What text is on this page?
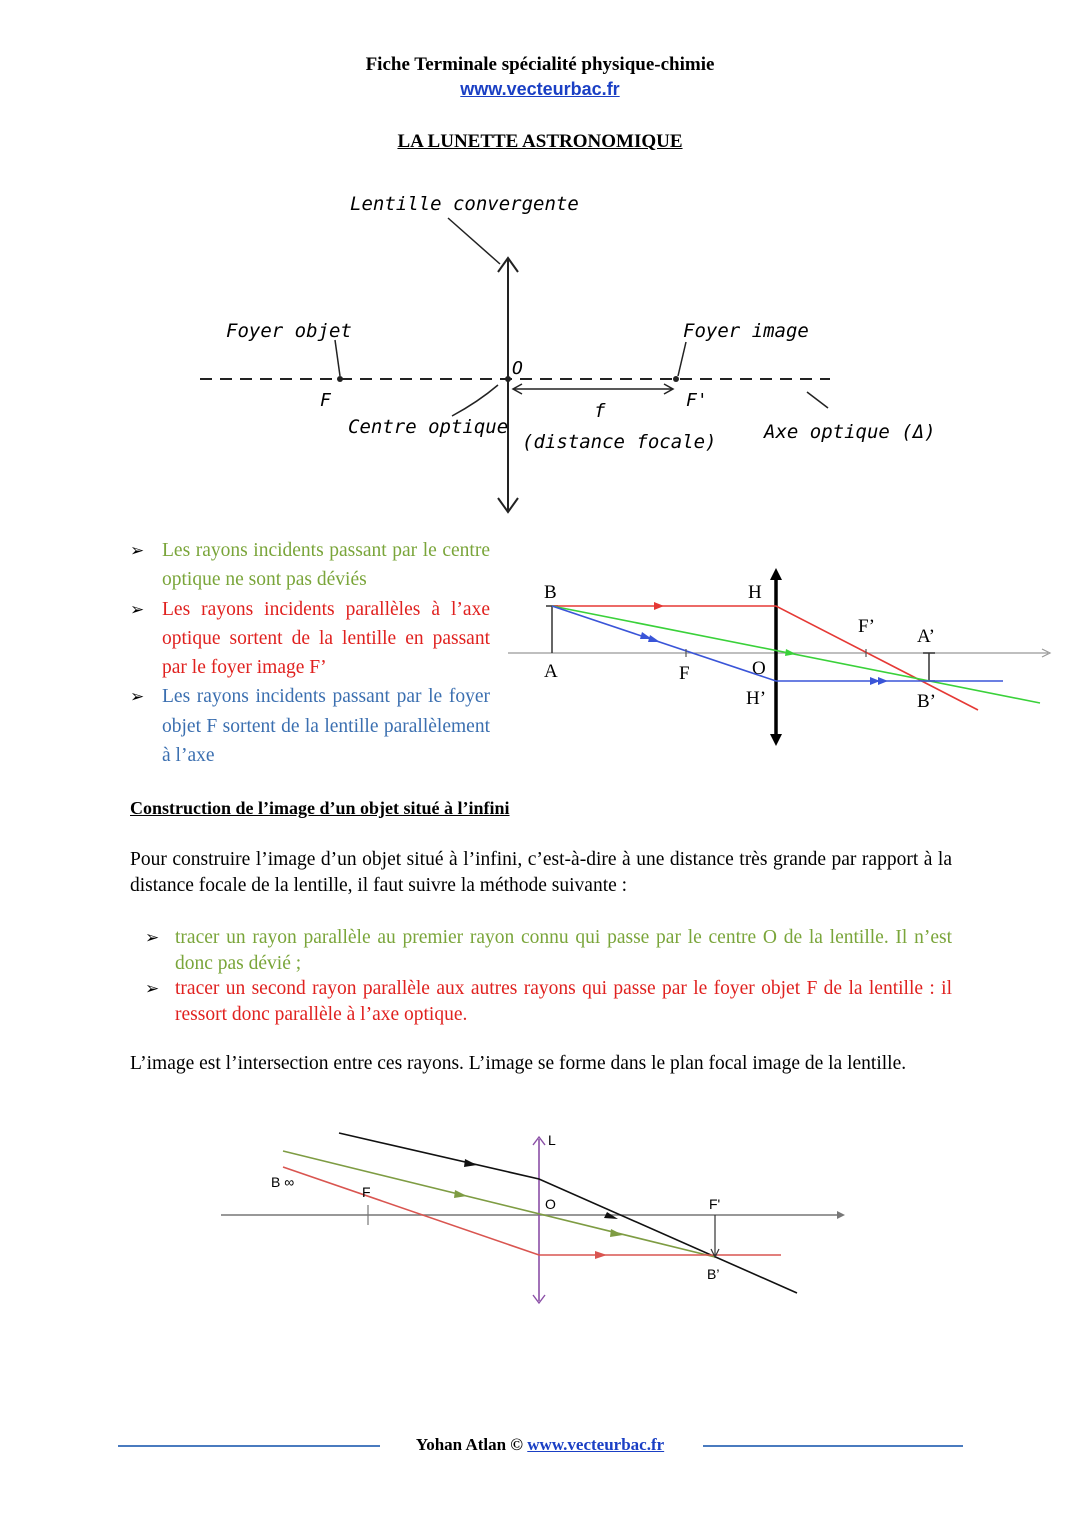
Fiche Terminale spécialité physique-chimie
www.vecteurbac.fr
LA LUNETTE ASTRONOMIQUE
Lentille convergente
Foyer objet	Foyer image
O
F	F'
Centre optique
f
(distance focale)	Axe optique (Δ)
➢ Les rayons incidents passant par le centre optique ne sont pas déviés
➢ Les rayons incidents parallèles à l’axe optique sortent de la lentille en passant par le foyer image F’
➢ Les rayons incidents passant par le foyer objet F sortent de la lentille parallèlement à l’axe
B
A
H
F	O
H’
F’ A’
B’
Construction de l’image d’un objet situé à l’infini
Pour construire l’image d’un objet situé à l’infini, c’est-à-dire à une distance très grande par rapport à la distance focale de la lentille, il faut suivre la méthode suivante :
➢ tracer un rayon parallèle au premier rayon connu qui passe par le centre O de la lentille. Il n’est donc pas dévié ;
➢ tracer un second rayon parallèle aux autres rayons qui passe par le foyer objet F de la lentille : il ressort donc parallèle à l’axe optique.
L’image est l’intersection entre ces rayons. L’image se forme dans le plan focal image de la lentille.
L
B ∞
F
O	F'
B’
Yohan Atlan © www.vecteurbac.fr
